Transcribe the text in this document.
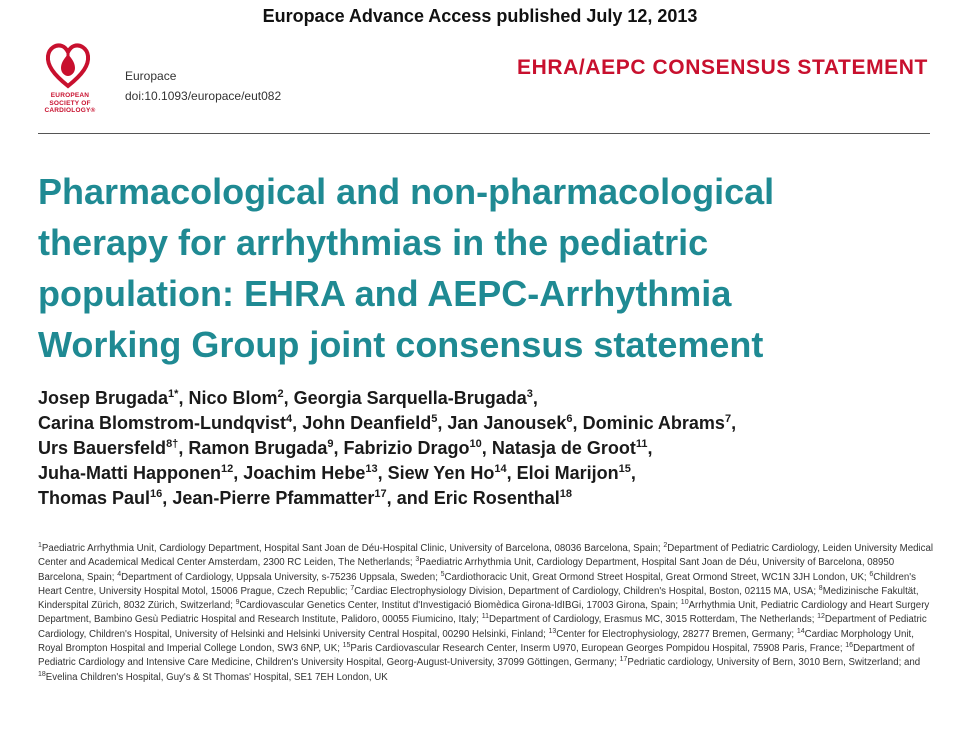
Europace Advance Access published July 12, 2013
EUROPEAN
SOCIETY OF
CARDIOLOGY®
Europace
doi:10.1093/europace/eut082
EHRA/AEPC CONSENSUS STATEMENT
Pharmacological and non-pharmacological
therapy for arrhythmias in the pediatric
population: EHRA and AEPC-Arrhythmia
Working Group joint consensus statement

Josep Brugada$^{1*}$, Nico Blom$^2$, Georgia Sarquella-Brugada$^3$,
Carina Blomstrom-Lundqvist$^4$, John Deanfield$^5$, Jan Janousek$^6$, Dominic Abrams$^7$,
Urs Bauersfeld$^{8\dagger}$, Ramon Brugada$^9$, Fabrizio Drago$^{10}$, Natasja de Groot$^{11}$,
Juha-Matti Happonen$^{12}$, Joachim Hebe$^{13}$, Siew Yen Ho$^{14}$, Eloi Marijon$^{15}$,
Thomas Paul$^{16}$, Jean-Pierre Pfammatter$^{17}$, and Eric Rosenthal$^{18}$

$^1$Paediatric Arrhythmia Unit, Cardiology Department, Hospital Sant Joan de Déu-Hospital Clinic, University of Barcelona, 08036 Barcelona, Spain; $^2$Department of Pediatric Cardiology, Leiden University Medical Center and Academical Medical Center Amsterdam, 2300 RC Leiden, The Netherlands; $^3$Paediatric Arrhythmia Unit, Cardiology Department, Hospital Sant Joan de Déu, University of Barcelona, 08950 Barcelona, Spain; $^4$Department of Cardiology, Uppsala University, s-75236 Uppsala, Sweden; $^5$Cardiothoracic Unit, Great Ormond Street Hospital, Great Ormond Street, WC1N 3JH London, UK; $^6$Children's Heart Centre, University Hospital Motol, 15006 Prague, Czech Republic; $^7$Cardiac Electrophysiology Division, Department of Cardiology, Children's Hospital, Boston, 02115 MA, USA; $^8$Medizinische Fakultät, Kinderspital Zürich, 8032 Zürich, Switzerland; $^9$Cardiovascular Genetics Center, Institut d'Investigació Biomèdica Girona-IdIBGi, 17003 Girona, Spain; $^{10}$Arrhythmia Unit, Pediatric Cardiology and Heart Surgery Department, Bambino Gesù Pediatric Hospital and Research Institute, Palidoro, 00055 Fiumicino, Italy; $^{11}$Department of Cardiology, Erasmus MC, 3015 Rotterdam, The Netherlands; $^{12}$Department of Pediatric Cardiology, Children's Hospital, University of Helsinki and Helsinki University Central Hospital, 00290 Helsinki, Finland; $^{13}$Center for Electrophysiology, 28277 Bremen, Germany; $^{14}$Cardiac Morphology Unit, Royal Brompton Hospital and Imperial College London, SW3 6NP, UK; $^{15}$Paris Cardiovascular Research Center, Inserm U970, European Georges Pompidou Hospital, 75908 Paris, France; $^{16}$Department of Pediatric Cardiology and Intensive Care Medicine, Children's University Hospital, Georg-August-University, 37099 Göttingen, Germany; $^{17}$Pedriatic cardiology, University of Bern, 3010 Bern, Switzerland; and $^{18}$Evelina Children's Hospital, Guy's & St Thomas' Hospital, SE1 7EH London, UK
